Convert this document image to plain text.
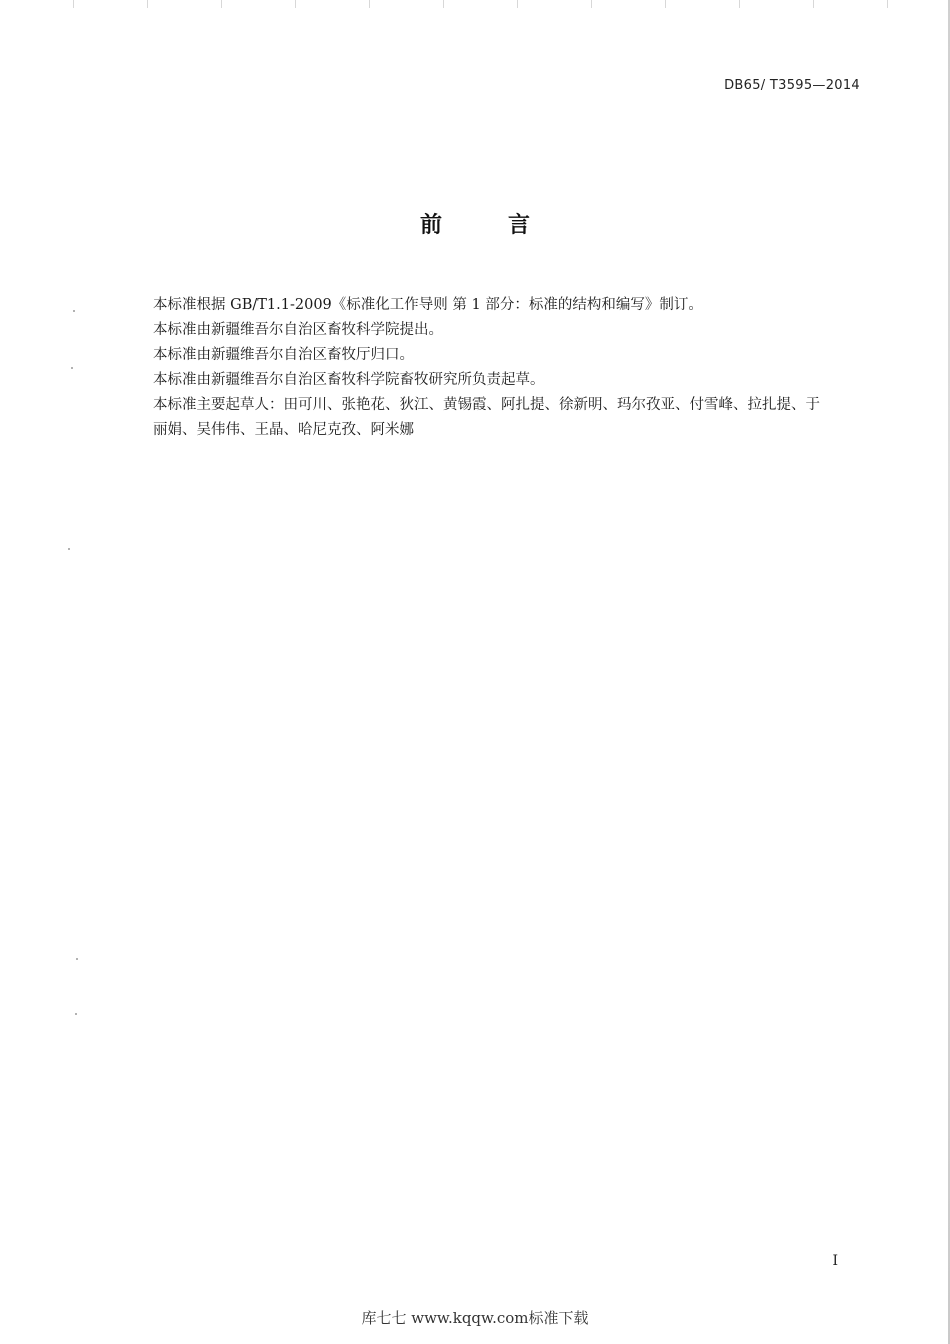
DB65/ T3595—2014
前　言

本标准根据 GB/T1.1-2009《标准化工作导则 第 1 部分：标准的结构和编写》制订。

本标准由新疆维吾尔自治区畜牧科学院提出。

本标准由新疆维吾尔自治区畜牧厅归口。

本标准由新疆维吾尔自治区畜牧科学院畜牧研究所负责起草。

本标准主要起草人：田可川、张艳花、狄江、黄锡霞、阿扎提、徐新明、玛尔孜亚、付雪峰、拉扎提、于丽娟、吴伟伟、王晶、哈尼克孜、阿米娜

I
库七七 www.kqqw.com标准下载
